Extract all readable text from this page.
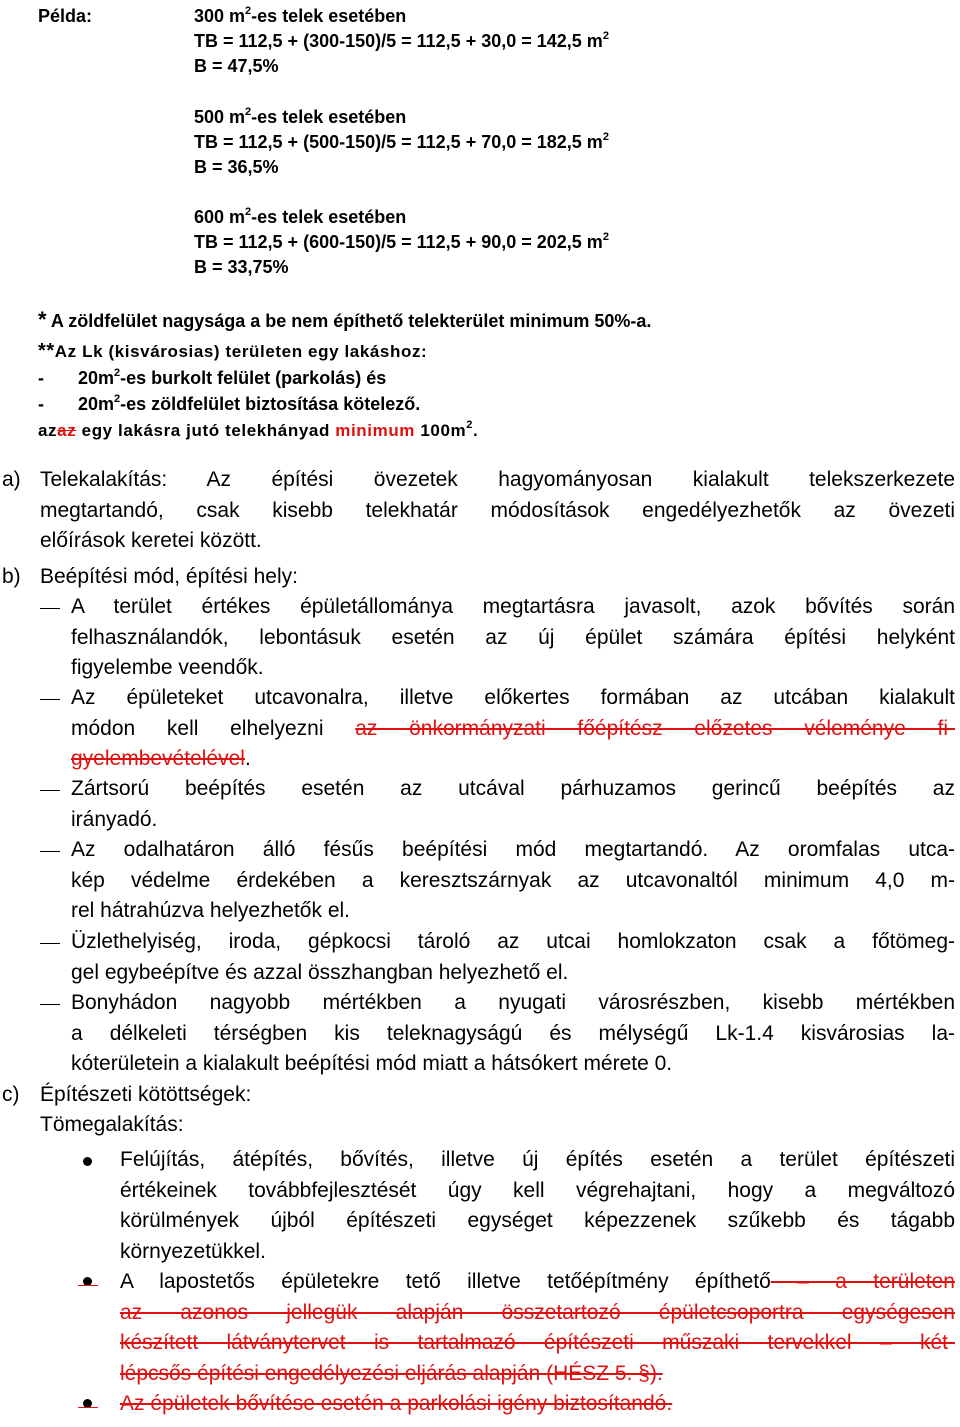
Példa:	300 $m^2-es$ telek esetében
TB = 112,5 + (300-150)/5 = 112,5 + 30,0 = 142,5 $m^2$
B = 47,5%
500 $m^2-es$ telek esetében
TB = 112,5 + (500-150)/5 = 112,5 + 70,0 = 182,5 $m^2$
B = 36,5%
600 $m^2-es$ telek esetében
TB = 112,5 + (600-150)/5 = 112,5 + 90,0 = 202,5 $m^2$
B = 33,75%
* A zöldfelület nagysága a be nem építhető telekterület minimum 50%-a.
**Az Lk (kisvárosias) területen egy lakáshoz:
- $20m^2-es$ burkolt felület (parkolás) és
- $20m^2-es$ zöldfelület biztosítása kötelező.
azaz egy lakásra jutó telekhányad minimum $100m^2$.
a) Telekalakítás: Az építési övezetek hagyományosan kialakult telekszerkezete
megtartandó, csak kisebb telekhatár módosítások engedélyezhetők az övezeti
előírások keretei között.
b) Beépítési mód, építési hely:
A terület értékes épületállománya megtartásra javasolt, azok bővítés során
felhasználandók, lebontásuk esetén az új épület számára építési helyként
figyelembe veendők.
Az épületeket utcavonalra, illetve előkertes formában az utcában kialakult
módon kell elhelyezni az önkormányzati főépítész előzetes véleménye fi-
gyelembevételével.
Zártsorú beépítés esetén az utcával párhuzamos gerincű beépítés az
irányadó.
Az odalhatáron álló fésűs beépítési mód megtartandó. Az oromfalas utca-
kép védelme érdekében a keresztszárnyak az utcavonaltól minimum 4,0 m-
rel hátrahúzva helyezhetők el.
Üzlethelyiség, iroda, gépkocsi tároló az utcai homlokzaton csak a főtömeg-
gel egybeépítve és azzal összhangban helyezhető el.
Bonyhádon nagyobb mértékben a nyugati városrészben, kisebb mértékben
a délkeleti térségben kis teleknagyságú és mélységű Lk-1.4 kisvárosias la-
kóterületein a kialakult beépítési mód miatt a hátsókert mérete 0.
c) Építészeti kötöttségek:
Tömegalakítás:
Felújítás, átépítés, bővítés, illetve új építés esetén a terület építészeti
értékeinek továbbfejlesztését úgy kell végrehajtani, hogy a megváltozó
körülmények újból építészeti egységet képezzenek szűkebb és tágabb
környezetükkel.
A lapostetős épületekre tető illetve tetőépítmény építhető – a területen
az azonos jellegük alapján összetartozó épületcsoportra egységesen
készített látványtervet is tartalmazó építészeti műszaki tervekkel – két-
lépcsős építési engedélyezési eljárás alapján (HÉSZ 5. §).
Az épületek bővítése esetén a parkolási igény biztosítandó.
